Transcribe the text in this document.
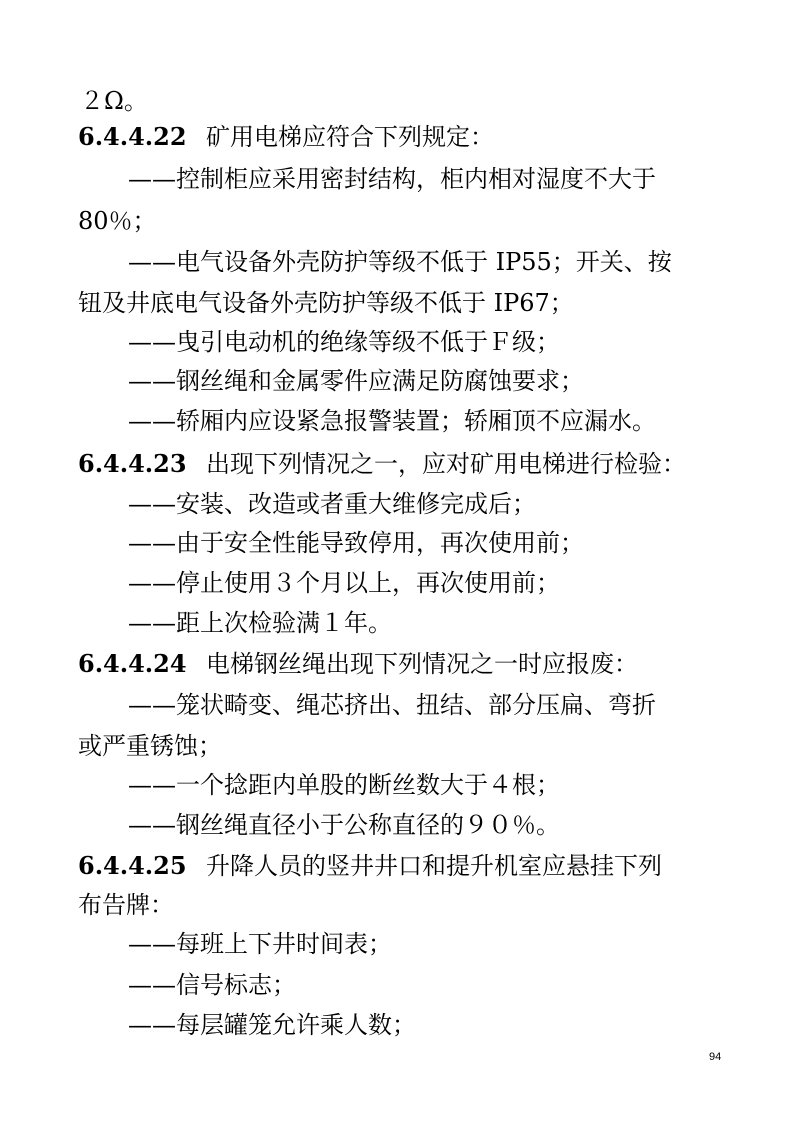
２Ω。
6.4.4.22 矿用电梯应符合下列规定：
——控制柜应采用密封结构，柜内相对湿度不大于
80％；
——电气设备外壳防护等级不低于 IP55；开关、按
钮及井底电气设备外壳防护等级不低于 IP67；
——曳引电动机的绝缘等级不低于Ｆ级；
——钢丝绳和金属零件应满足防腐蚀要求；
——轿厢内应设紧急报警装置；轿厢顶不应漏水。
6.4.4.23 出现下列情况之一，应对矿用电梯进行检验：
——安装、改造或者重大维修完成后；
——由于安全性能导致停用，再次使用前；
——停止使用３个月以上，再次使用前；
——距上次检验满１年。
6.4.4.24 电梯钢丝绳出现下列情况之一时应报废：
——笼状畸变、绳芯挤出、扭结、部分压扁、弯折
或严重锈蚀；
——一个捻距内单股的断丝数大于４根；
——钢丝绳直径小于公称直径的９０％。
6.4.4.25 升降人员的竖井井口和提升机室应悬挂下列
布告牌：
——每班上下井时间表；
——信号标志；
——每层罐笼允许乘人数；
94
